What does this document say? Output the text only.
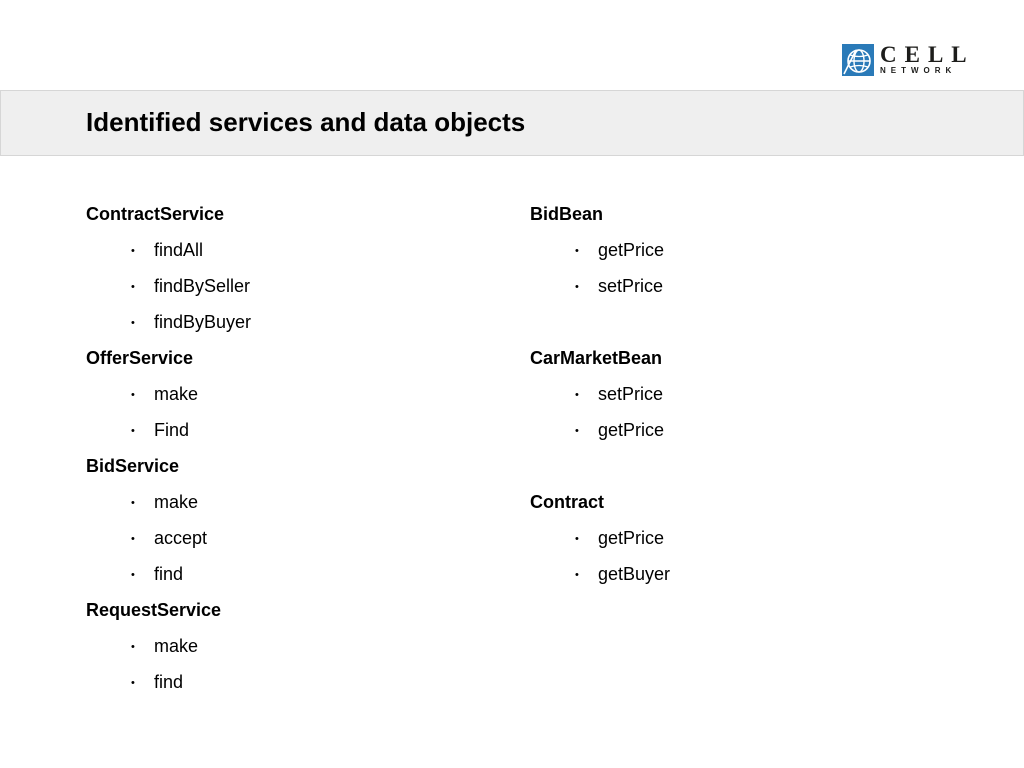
CELL
NETWORK
Identified services and data objects
ContractService
• findAll
• findBySeller
• findByBuyer
OfferService
• make
• Find
BidService
• make
• accept
• find
RequestService
• make
• find
BidBean
• getPrice
• setPrice
CarMarketBean
• setPrice
• getPrice
Contract
• getPrice
• getBuyer
